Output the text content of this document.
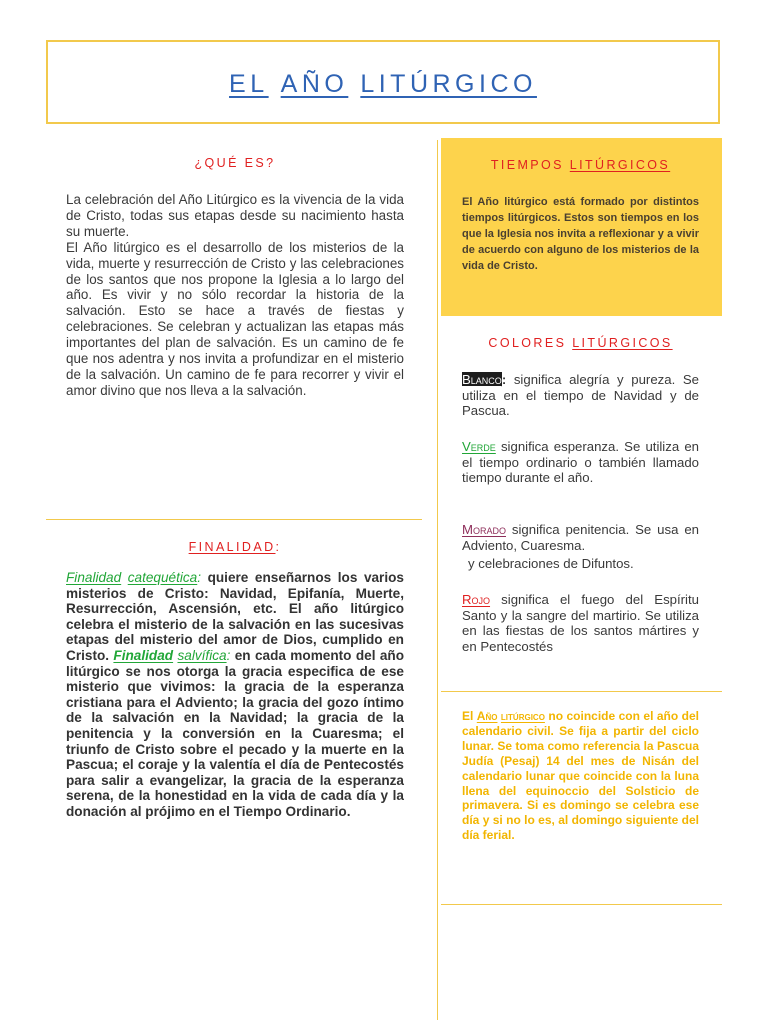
EL AÑO LITÚRGICO
¿QUÉ ES?

La celebración del Año Litúrgico es la vivencia de la vida de Cristo, todas sus etapas desde su nacimiento hasta su muerte.

El Año litúrgico es el desarrollo de los misterios de la vida, muerte y resurrección de Cristo y las celebraciones de los santos que nos propone la Iglesia a lo largo del año. Es vivir y no sólo recordar la historia de la salvación. Esto se hace a través de fiestas y celebraciones. Se celebran y actualizan las etapas más importantes del plan de salvación. Es un camino de fe que nos adentra y nos invita a profundizar en el misterio de la salvación. Un camino de fe para recorrer y vivir el amor divino que nos lleva a la salvación.

FINALIDAD:
Finalidad catequética: quiere enseñarnos los varios misterios de Cristo: Navidad, Epifanía, Muerte, Resurrección, Ascensión, etc. El año litúrgico celebra el misterio de la salvación en las sucesivas etapas del misterio del amor de Dios, cumplido en Cristo. Finalidad salvífica: en cada momento del año litúrgico se nos otorga la gracia especifica de ese misterio que vivimos: la gracia de la esperanza cristiana para el Adviento; la gracia del gozo íntimo de la salvación en la Navidad; la gracia de la penitencia y la conversión en la Cuaresma; el triunfo de Cristo sobre el pecado y la muerte en la Pascua; el coraje y la valentía el día de Pentecostés para salir a evangelizar, la gracia de la esperanza serena, de la honestidad en la vida de cada día y la donación al prójimo en el Tiempo Ordinario.
TIEMPOS LITÚRGICOS
El Año litúrgico está formado por distintos tiempos litúrgicos. Estos son tiempos en los que la Iglesia nos invita a reflexionar y a vivir de acuerdo con alguno de los misterios de la vida de Cristo.
COLORES LITÚRGICOS
Blanco: significa alegría y pureza. Se utiliza en el tiempo de Navidad y de Pascua.
Verde significa esperanza. Se utiliza en el tiempo ordinario o también llamado tiempo durante el año.
Morado significa penitencia. Se usa en Adviento, Cuaresma.
y celebraciones de Difuntos.
Rojo significa el fuego del Espíritu Santo y la sangre del martirio. Se utiliza en las fiestas de los santos mártires y en Pentecostés
El Año litúrgico no coincide con el año del calendario civil. Se fija a partir del ciclo lunar. Se toma como referencia la Pascua Judía (Pesaj) 14 del mes de Nisán del calendario lunar que coincide con la luna llena del equinoccio del Solsticio de primavera. Si es domingo se celebra ese día y si no lo es, al domingo siguiente del día ferial.
